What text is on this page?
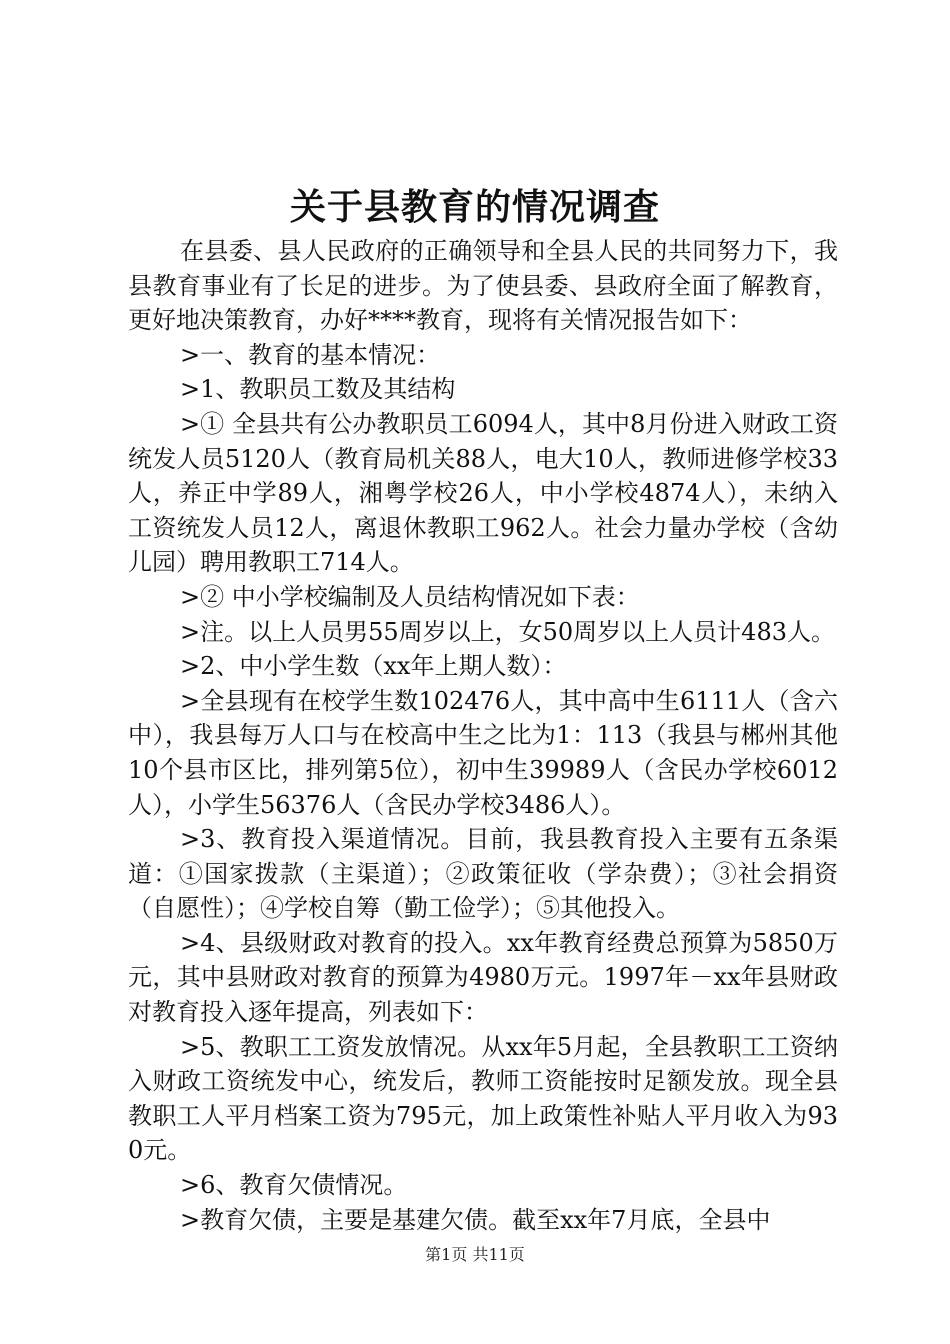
关于县教育的情况调查

在县委、县人民政府的正确领导和全县人民的共同努力下，我县教育事业有了长足的进步。为了使县委、县政府全面了解教育，更好地决策教育，办好****教育，现将有关情况报告如下：

>一、教育的基本情况：

>1、教职员工数及其结构

>① 全县共有公办教职员工6094人，其中8月份进入财政工资统发人员5120人（教育局机关88人，电大10人，教师进修学校33人，养正中学89人，湘粤学校26人，中小学校4874人），未纳入工资统发人员12人，离退休教职工962人。社会力量办学校（含幼儿园）聘用教职工714人。

>② 中小学校编制及人员结构情况如下表：

>注。以上人员男55周岁以上，女50周岁以上人员计483人。

>2、中小学生数（xx年上期人数）：

>全县现有在校学生数102476人，其中高中生6111人（含六中），我县每万人口与在校高中生之比为1：113（我县与郴州其他10个县市区比，排列第5位），初中生39989人（含民办学校6012人），小学生56376人（含民办学校3486人）。

>3、教育投入渠道情况。目前，我县教育投入主要有五条渠道：①国家拨款（主渠道）；②政策征收（学杂费）；③社会捐资（自愿性）；④学校自筹（勤工俭学）；⑤其他投入。

>4、县级财政对教育的投入。xx年教育经费总预算为5850万元，其中县财政对教育的预算为4980万元。1997年－xx年县财政对教育投入逐年提高，列表如下：

>5、教职工工资发放情况。从xx年5月起，全县教职工工资纳入财政工资统发中心，统发后，教师工资能按时足额发放。现全县教职工人平月档案工资为795元，加上政策性补贴人平月收入为930元。

>6、教育欠债情况。

>教育欠债，主要是基建欠债。截至xx年7月底，全县中

第1页 共11页
